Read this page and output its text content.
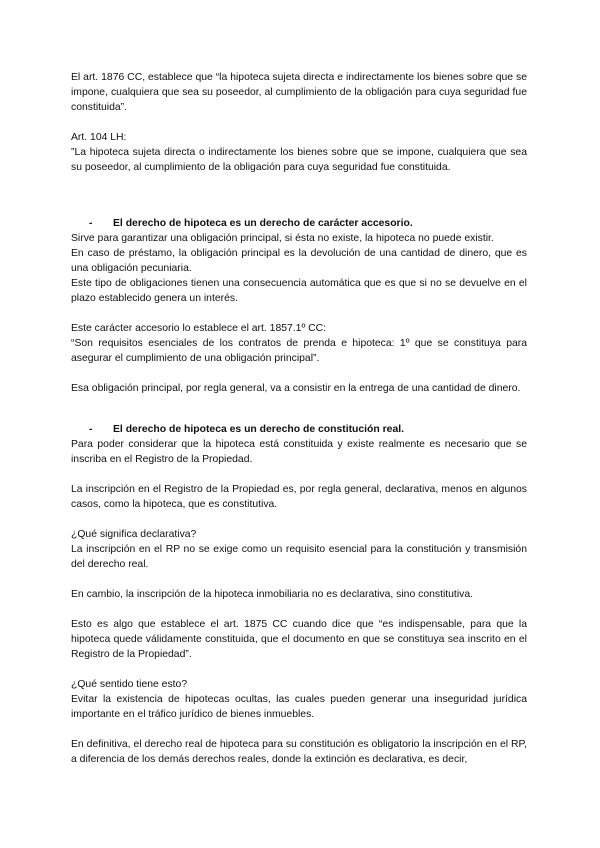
El art. 1876 CC, establece que “la hipoteca sujeta directa e indirectamente los bienes sobre que se impone, cualquiera que sea su poseedor, al cumplimiento de la obligación para cuya seguridad fue constituida”.

Art. 104 LH:

”La hipoteca sujeta directa o indirectamente los bienes sobre que se impone, cualquiera que sea su poseedor, al cumplimiento de la obligación para cuya seguridad fue constituida.

-	El derecho de hipoteca es un derecho de carácter accesorio.

Sirve para garantizar una obligación principal, si ésta no existe, la hipoteca no puede existir.

En caso de préstamo, la obligación principal es la devolución de una cantidad de dinero, que es una obligación pecuniaria.

Este tipo de obligaciones tienen una consecuencia automática que es que si no se devuelve en el plazo establecido genera un interés.

Este carácter accesorio lo establece el art. 1857.1º CC:

“Son requisitos esenciales de los contratos de prenda e hipoteca: 1º que se constituya para asegurar el cumplimiento de una obligación principal”.

Esa obligación principal, por regla general, va a consistir en la entrega de una cantidad de dinero.

-	El derecho de hipoteca es un derecho de constitución real.

Para poder considerar que la hipoteca está constituida y existe realmente es necesario que se inscriba en el Registro de la Propiedad.

La inscripción en el Registro de la Propiedad es, por regla general, declarativa, menos en algunos casos, como la hipoteca, que es constitutiva.

¿Qué significa declarativa?

La inscripción en el RP no se exige como un requisito esencial para la constitución y transmisión del derecho real.

En cambio, la inscripción de la hipoteca inmobiliaria no es declarativa, sino constitutiva.

Esto es algo que establece el art. 1875 CC cuando dice que “es indispensable, para que la hipoteca quede válidamente constituida, que el documento en que se constituya sea inscrito en el Registro de la Propiedad”.

¿Qué sentido tiene esto?

Evitar la existencia de hipotecas ocultas, las cuales pueden generar una inseguridad jurídica importante en el tráfico jurídico de bienes inmuebles.

En definitiva, el derecho real de hipoteca para su constitución es obligatorio la inscripción en el RP, a diferencia de los demás derechos reales, donde la extinción es declarativa, es decir,
